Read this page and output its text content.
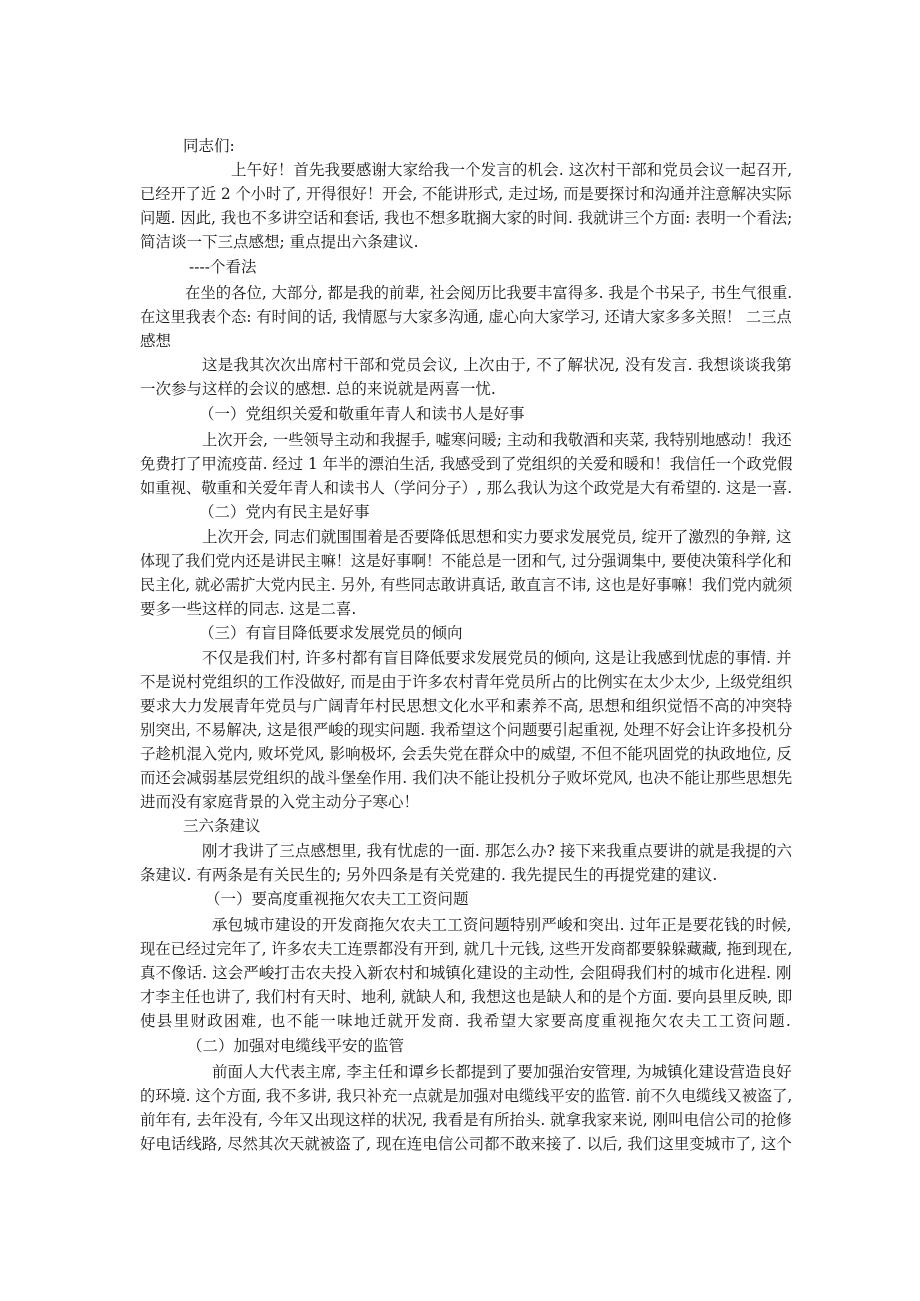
同志们:
上午好！首先我要感谢大家给我一个发言的机会. 这次村干部和党员会议一起召开,
已经开了近 2 个小时了, 开得很好！开会, 不能讲形式, 走过场, 而是要探讨和沟通并注意解决实际
问题. 因此, 我也不多讲空话和套话, 我也不想多耽搁大家的时间. 我就讲三个方面: 表明一个看法;
简洁谈一下三点感想; 重点提出六条建议.
----个看法
在坐的各位, 大部分, 都是我的前辈, 社会阅历比我要丰富得多. 我是个书呆子, 书生气很重.
在这里我表个态: 有时间的话, 我情愿与大家多沟通, 虚心向大家学习, 还请大家多多关照！ 二三点
感想
这是我其次次出席村干部和党员会议, 上次由于, 不了解状况, 没有发言. 我想谈谈我第
一次参与这样的会议的感想. 总的来说就是两喜一忧.
（一）党组织关爱和敬重年青人和读书人是好事
上次开会, 一些领导主动和我握手, 嘘寒问暖; 主动和我敬酒和夹菜, 我特别地感动！我还
免费打了甲流疫苗. 经过 1 年半的漂泊生活, 我感受到了党组织的关爱和暖和！我信任一个政党假
如重视、敬重和关爱年青人和读书人（学问分子）, 那么我认为这个政党是大有希望的. 这是一喜.
（二）党内有民主是好事
上次开会, 同志们就围围着是否要降低思想和实力要求发展党员, 绽开了激烈的争辩, 这
体现了我们党内还是讲民主嘛！这是好事啊！不能总是一团和气, 过分强调集中, 要使决策科学化和
民主化, 就必需扩大党内民主. 另外, 有些同志敢讲真话, 敢直言不讳, 这也是好事嘛！我们党内就须
要多一些这样的同志. 这是二喜.
（三）有盲目降低要求发展党员的倾向
不仅是我们村, 许多村都有盲目降低要求发展党员的倾向, 这是让我感到忧虑的事情. 并
不是说村党组织的工作没做好, 而是由于许多农村青年党员所占的比例实在太少太少, 上级党组织
要求大力发展青年党员与广阔青年村民思想文化水平和素养不高, 思想和组织觉悟不高的冲突特
别突出, 不易解决, 这是很严峻的现实问题. 我希望这个问题要引起重视, 处理不好会让许多投机分
子趁机混入党内, 败坏党风, 影响极坏, 会丢失党在群众中的威望, 不但不能巩固党的执政地位, 反
而还会减弱基层党组织的战斗堡垒作用. 我们决不能让投机分子败坏党风, 也决不能让那些思想先
进而没有家庭背景的入党主动分子寒心！
三六条建议
刚才我讲了三点感想里, 我有忧虑的一面. 那怎么办? 接下来我重点要讲的就是我提的六
条建议. 有两条是有关民生的; 另外四条是有关党建的. 我先提民生的再提党建的建议.
（一）要高度重视拖欠农夫工工资问题
承包城市建设的开发商拖欠农夫工工资问题特别严峻和突出. 过年正是要花钱的时候,
现在已经过完年了, 许多农夫工连票都没有开到, 就几十元钱, 这些开发商都要躲躲藏藏, 拖到现在,
真不像话. 这会严峻打击农夫投入新农村和城镇化建设的主动性, 会阻碍我们村的城市化进程. 刚
才李主任也讲了, 我们村有天时、地利, 就缺人和, 我想这也是缺人和的是个方面. 要向县里反映, 即
使县里财政困难, 也不能一味地迁就开发商. 我希望大家要高度重视拖欠农夫工工资问题.
（二）加强对电缆线平安的监管
前面人大代表主席, 李主任和谭乡长都提到了要加强治安管理, 为城镇化建设营造良好
的环境. 这个方面, 我不多讲, 我只补充一点就是加强对电缆线平安的监管. 前不久电缆线又被盗了,
前年有, 去年没有, 今年又出现这样的状况, 我看是有所抬头. 就拿我家来说, 刚叫电信公司的抢修
好电话线路, 尽然其次天就被盗了, 现在连电信公司都不敢来接了. 以后, 我们这里变城市了, 这个
